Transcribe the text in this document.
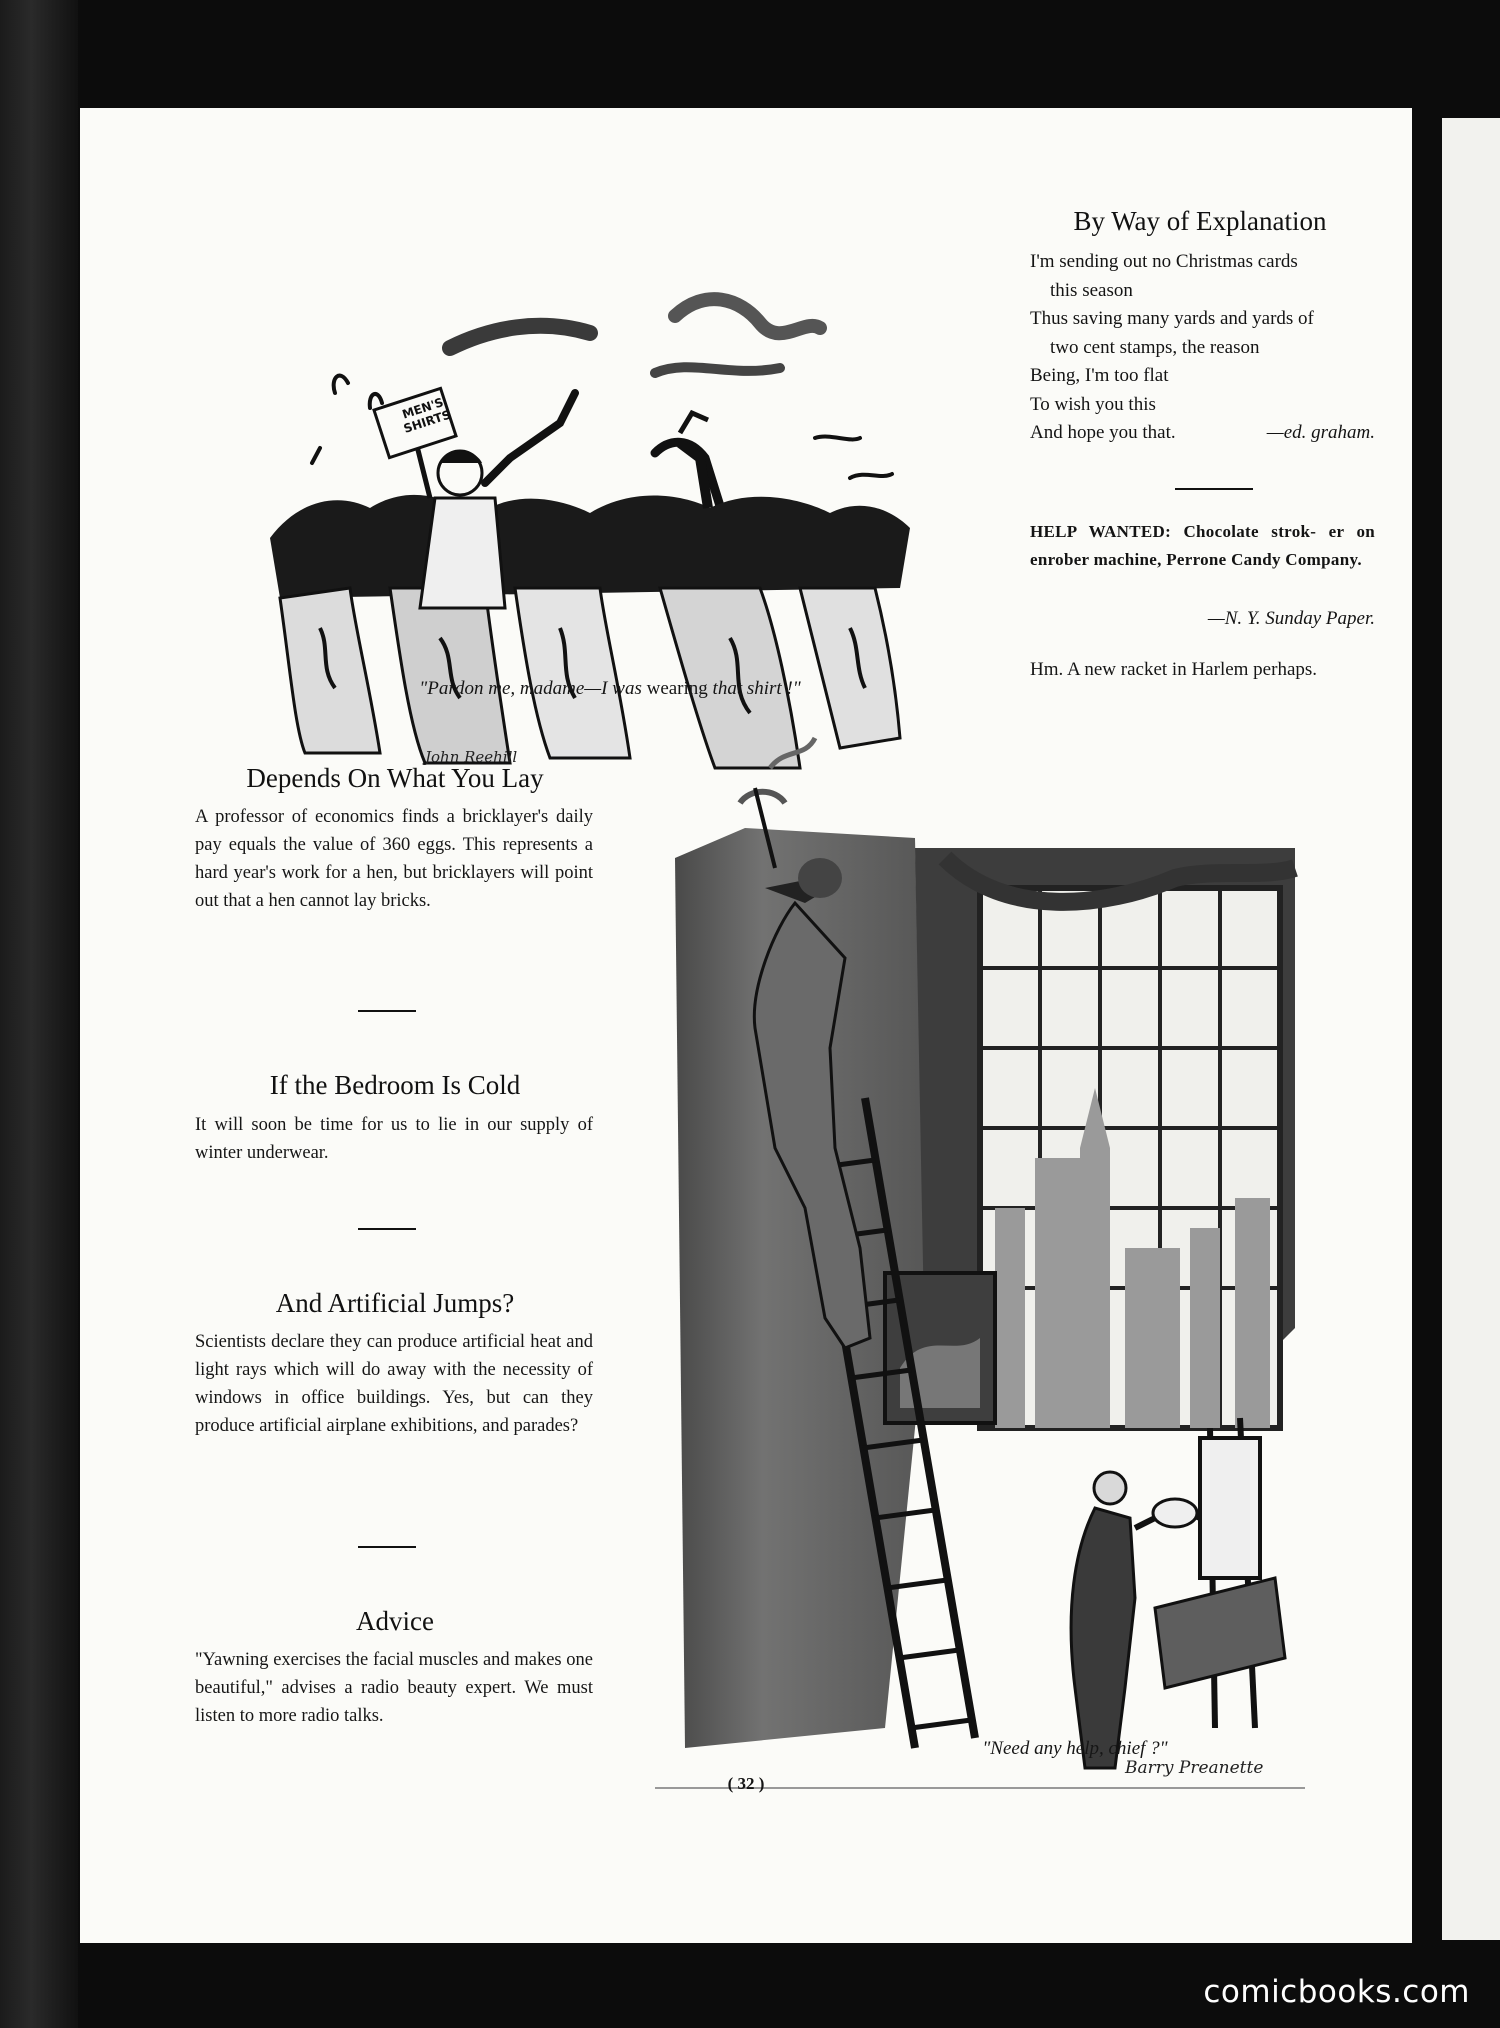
MEN'S SHIRTS
John Reehill
"Pardon me, madame—I was wearing that shirt !"
By Way of Explanation
I'm sending out no Christmas cards
this season
Thus saving many yards and yards of
two cent stamps, the reason
Being, I'm too flat
To wish you this
And hope you that.	—ed. graham.
HELP WANTED: Chocolate strok- er on enrober machine, Perrone Candy Company.
—N. Y. Sunday Paper.
Hm. A new racket in Harlem perhaps.
Depends On What You Lay
A professor of economics finds a bricklayer's daily pay equals the value of 360 eggs. This represents a hard year's work for a hen, but bricklayers will point out that a hen cannot lay bricks.
If the Bedroom Is Cold
It will soon be time for us to lie in our supply of winter underwear.
And Artificial Jumps?
Scientists declare they can produce artificial heat and light rays which will do away with the necessity of windows in office buildings. Yes, but can they produce artificial airplane exhibitions, and parades?
Advice
"Yawning exercises the facial muscles and makes one beautiful," advises a radio beauty expert. We must listen to more radio talks.
Barry Preanette
"Need any help, chief ?"
( 32 )
comicbooks.com
